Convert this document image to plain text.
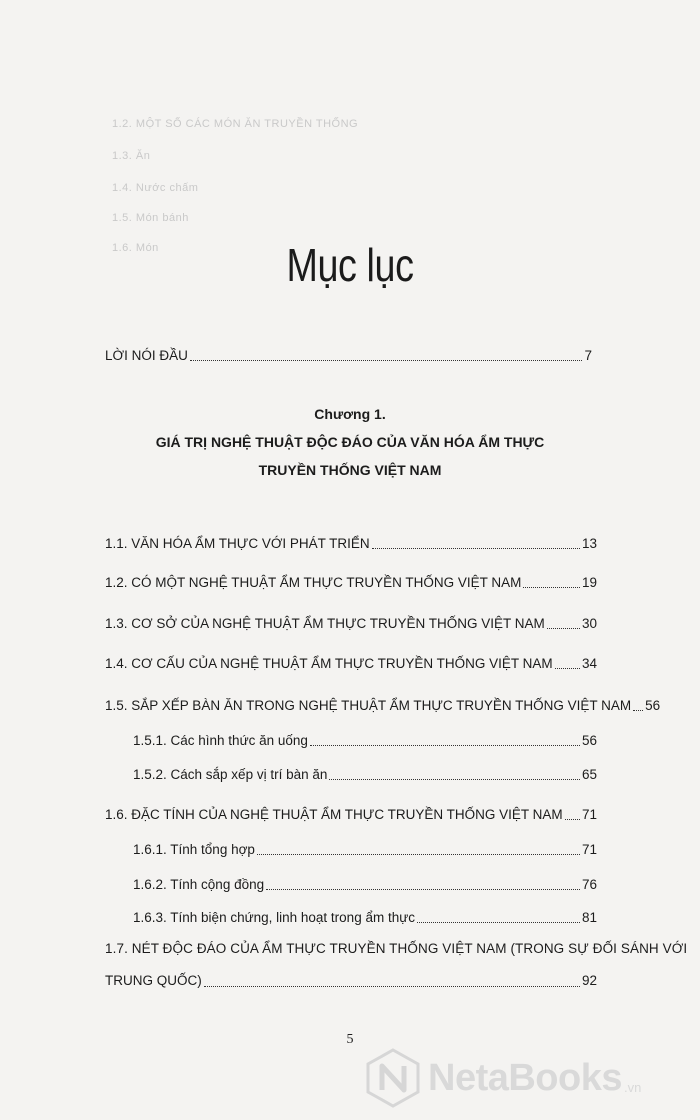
1.2. MỘT SỐ CÁC MÓN ĂN TRUYỀN THỐNG
1.3. Ăn
1.4. Nước chấm
1.5. Món bánh
1.6. Món	Mục lục
LỜI NÓI ĐẦU	7
Chương 1.
GIÁ TRỊ NGHỆ THUẬT ĐỘC ĐÁO CỦA VĂN HÓA ẨM THỰC
TRUYỀN THỐNG VIỆT NAM
1.1. VĂN HÓA ẨM THỰC VỚI PHÁT TRIỂN	13
1.2. CÓ MỘT NGHỆ THUẬT ẨM THỰC TRUYỀN THỐNG VIỆT NAM	19
1.3. CƠ SỞ CỦA NGHỆ THUẬT ẨM THỰC TRUYỀN THỐNG VIỆT NAM	30
1.4. CƠ CẤU CỦA NGHỆ THUẬT ẨM THỰC TRUYỀN THỐNG VIỆT NAM 34
1.5. SẮP XẾP BÀN ĂN TRONG NGHỆ THUẬT ẨM THỰC TRUYỀN THỐNG VIỆT NAM 56
1.5.1. Các hình thức ăn uống	56
1.5.2. Cách sắp xếp vị trí bàn ăn	65
1.6. ĐẶC TÍNH CỦA NGHỆ THUẬT ẨM THỰC TRUYỀN THỐNG VIỆT NAM 71
1.6.1. Tính tổng hợp	71
1.6.2. Tính cộng đồng	76
1.6.3. Tính biện chứng, linh hoạt trong ẩm thực	81
1.7. NÉT ĐỘC ĐÁO CỦA ẨM THỰC TRUYỀN THỐNG VIỆT NAM (TRONG SỰ ĐỐI SÁNH VỚI
TRUNG QUỐC)	92
5
NetaBooks .vn
